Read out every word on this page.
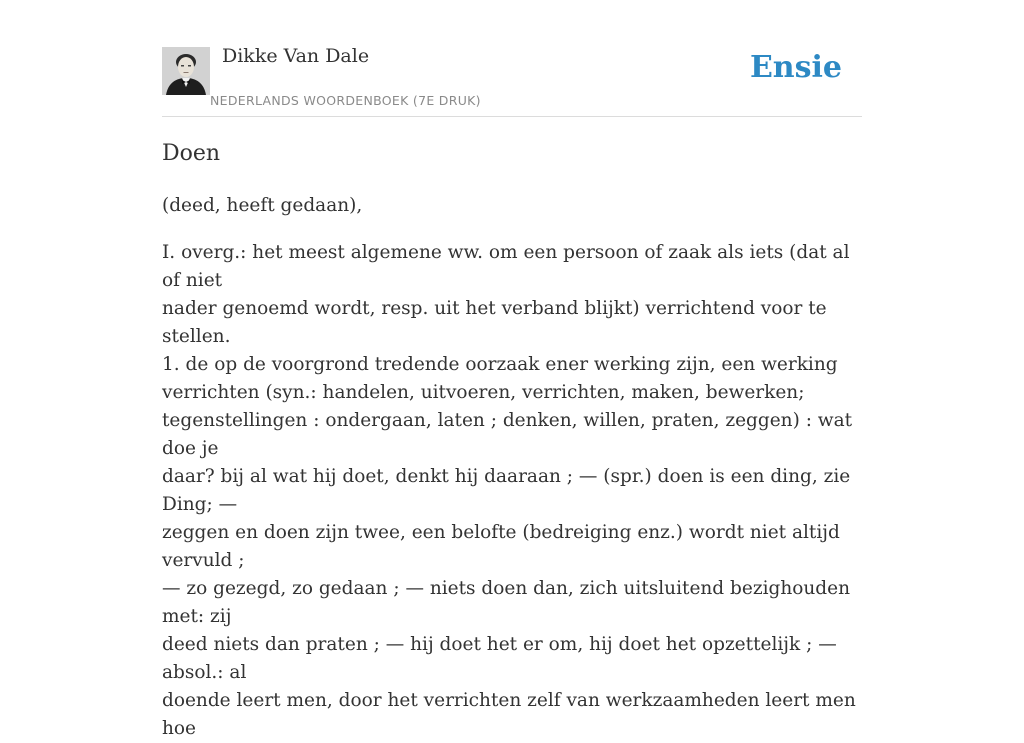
Dikke Van Dale
NEDERLANDS WOORDENBOEK (7E DRUK)
Ensie
Doen

(deed, heeft gedaan),

I. overg.: het meest algemene ww. om een persoon of zaak als iets (dat al of niet
nader genoemd wordt, resp. uit het verband blijkt) verrichtend voor te stellen.
1. de op de voorgrond tredende oorzaak ener werking zijn, een werking
verrichten (syn.: handelen, uitvoeren, verrichten, maken, bewerken;
tegenstellingen : ondergaan, laten ; denken, willen, praten, zeggen) : wat doe je
daar? bij al wat hij doet, denkt hij daaraan ; — (spr.) doen is een ding, zie Ding; —
zeggen en doen zijn twee, een belofte (bedreiging enz.) wordt niet altijd vervuld ;
— zo gezegd, zo gedaan ; — niets doen dan, zich uitsluitend bezighouden met: zij
deed niets dan praten ; — hij doet het er om, hij doet het opzettelijk ; — absol.: al
doende leert men, door het verrichten zelf van werkzaamheden leert men hoe
